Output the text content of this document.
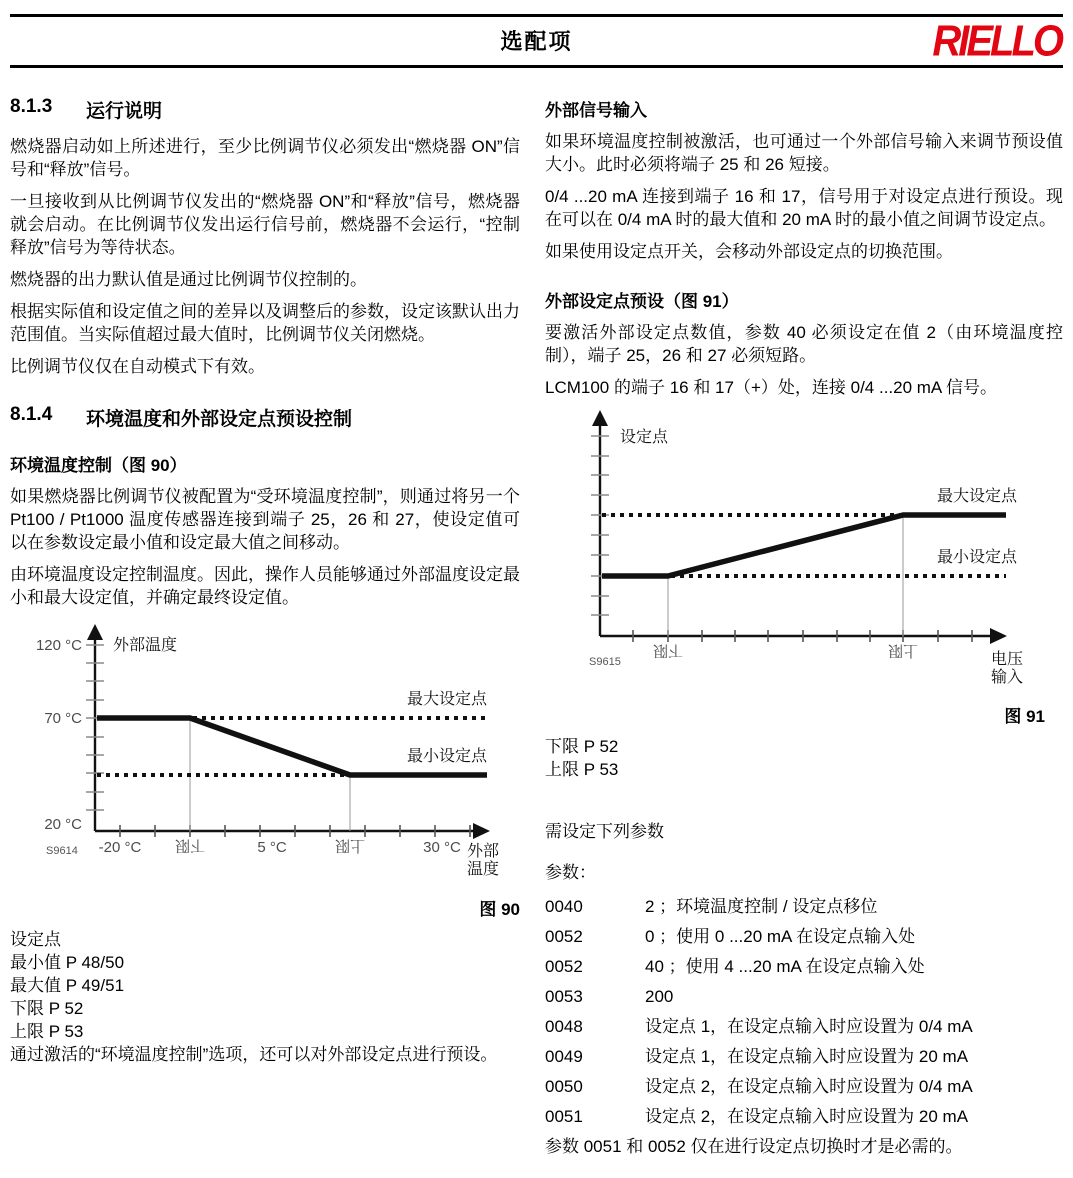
选配项	RIELLO
8.1.3	运行说明

燃烧器启动如上所述进行，至少比例调节仪必须发出“燃烧器 ON”信号和“释放”信号。

一旦接收到从比例调节仪发出的“燃烧器 ON”和“释放”信号，燃烧器就会启动。在比例调节仪发出运行信号前，燃烧器不会运行，“控制释放”信号为等待状态。

燃烧器的出力默认值是通过比例调节仪控制的。

根据实际值和设定值之间的差异以及调整后的参数，设定该默认出力范围值。当实际值超过最大值时，比例调节仪关闭燃烧。

比例调节仪仅在自动模式下有效。

8.1.4	环境温度和外部设定点预设控制
环境温度控制（图 90）

如果燃烧器比例调节仪被配置为“受环境温度控制”，则通过将另一个 Pt100 / Pt1000 温度传感器连接到端子 25，26 和 27，使设定值可以在参数设定最小值和设定最大值之间移动。

由环境温度设定控制温度。因此，操作人员能够通过外部温度设定最小和最大设定值，并确定最终设定值。

120 °C
70 °C
20 °C
外部温度
最大设定点
最小设定点
-20 °C 下限	5 °C	上限	30 °C
S9614	外部
温度
图 90
设定点
最小值 P 48/50
最大值 P 49/51
下限 P 52
上限 P 53

通过激活的“环境温度控制”选项，还可以对外部设定点进行预设。

外部信号输入

如果环境温度控制被激活，也可通过一个外部信号输入来调节预设值大小。此时必须将端子 25 和 26 短接。

0/4 ...20 mA 连接到端子 16 和 17，信号用于对设定点进行预设。现在可以在 0/4 mA 时的最大值和 20 mA 时的最小值之间调节设定点。

如果使用设定点开关，会移动外部设定点的切换范围。

外部设定点预设（图 91）

要激活外部设定点数值，参数 40 必须设定在值 2（由环境温度控制），端子 25，26 和 27 必须短路。

LCM100 的端子 16 和 17（+）处，连接 0/4 ...20 mA 信号。

设定点
最大设定点
最小设定点
下限	上限
S9615	电压
输入
图 91
下限 P 52
上限 P 53
需设定下列参数
参数：
0040	2 ；环境温度控制 / 设定点移位
0052	0 ；使用 0 ...20 mA 在设定点输入处
0052	40 ；使用 4 ...20 mA 在设定点输入处
0053	200
0048	设定点 1，在设定点输入时应设置为 0/4 mA
0049	设定点 1，在设定点输入时应设置为 20 mA
0050	设定点 2，在设定点输入时应设置为 0/4 mA
0051	设定点 2，在设定点输入时应设置为 20 mA
参数 0051 和 0052 仅在进行设定点切换时才是必需的。
